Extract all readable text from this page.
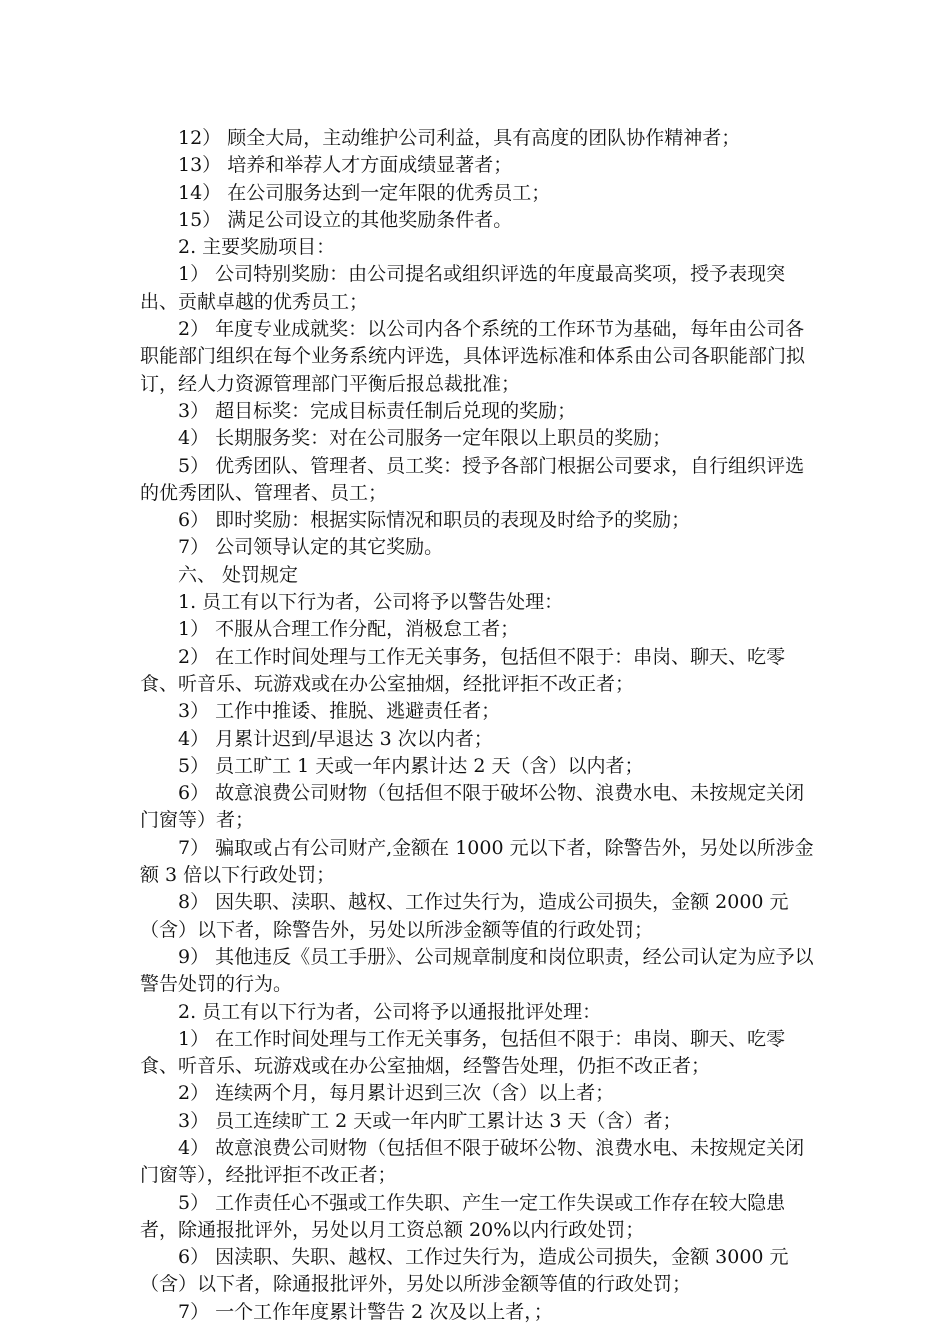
12） 顾全大局，主动维护公司利益，具有高度的团队协作精神者；

13） 培养和举荐人才方面成绩显著者；

14） 在公司服务达到一定年限的优秀员工；

15） 满足公司设立的其他奖励条件者。

2. 主要奖励项目：

1） 公司特别奖励：由公司提名或组织评选的年度最高奖项，授予表现突出、贡献卓越的优秀员工；

2） 年度专业成就奖：以公司内各个系统的工作环节为基础，每年由公司各职能部门组织在每个业务系统内评选，具体评选标准和体系由公司各职能部门拟订，经人力资源管理部门平衡后报总裁批准；

3） 超目标奖：完成目标责任制后兑现的奖励；

4） 长期服务奖：对在公司服务一定年限以上职员的奖励；

5） 优秀团队、管理者、员工奖：授予各部门根据公司要求，自行组织评选的优秀团队、管理者、员工；

6） 即时奖励：根据实际情况和职员的表现及时给予的奖励；

7） 公司领导认定的其它奖励。

六、 处罚规定

1. 员工有以下行为者，公司将予以警告处理：

1） 不服从合理工作分配，消极怠工者；

2） 在工作时间处理与工作无关事务，包括但不限于：串岗、聊天、吃零食、听音乐、玩游戏或在办公室抽烟，经批评拒不改正者；

3） 工作中推诿、推脱、逃避责任者；

4） 月累计迟到/早退达 3 次以内者；

5） 员工旷工 1 天或一年内累计达 2 天（含）以内者；

6） 故意浪费公司财物（包括但不限于破坏公物、浪费水电、未按规定关闭门窗等）者；

7） 骗取或占有公司财产,金额在 1000 元以下者，除警告外，另处以所涉金额 3 倍以下行政处罚；

8） 因失职、渎职、越权、工作过失行为，造成公司损失，金额 2000 元（含）以下者，除警告外，另处以所涉金额等值的行政处罚；

9） 其他违反《员工手册》、公司规章制度和岗位职责，经公司认定为应予以警告处罚的行为。

2. 员工有以下行为者，公司将予以通报批评处理：

1） 在工作时间处理与工作无关事务，包括但不限于：串岗、聊天、吃零食、听音乐、玩游戏或在办公室抽烟，经警告处理，仍拒不改正者；

2） 连续两个月，每月累计迟到三次（含）以上者；

3） 员工连续旷工 2 天或一年内旷工累计达 3 天（含）者；

4） 故意浪费公司财物（包括但不限于破坏公物、浪费水电、未按规定关闭门窗等），经批评拒不改正者；

5） 工作责任心不强或工作失职、产生一定工作失误或工作存在较大隐患者，除通报批评外，另处以月工资总额 20%以内行政处罚；

6） 因渎职、失职、越权、工作过失行为，造成公司损失，金额 3000 元（含）以下者，除通报批评外，另处以所涉金额等值的行政处罚；

7） 一个工作年度累计警告 2 次及以上者，；
